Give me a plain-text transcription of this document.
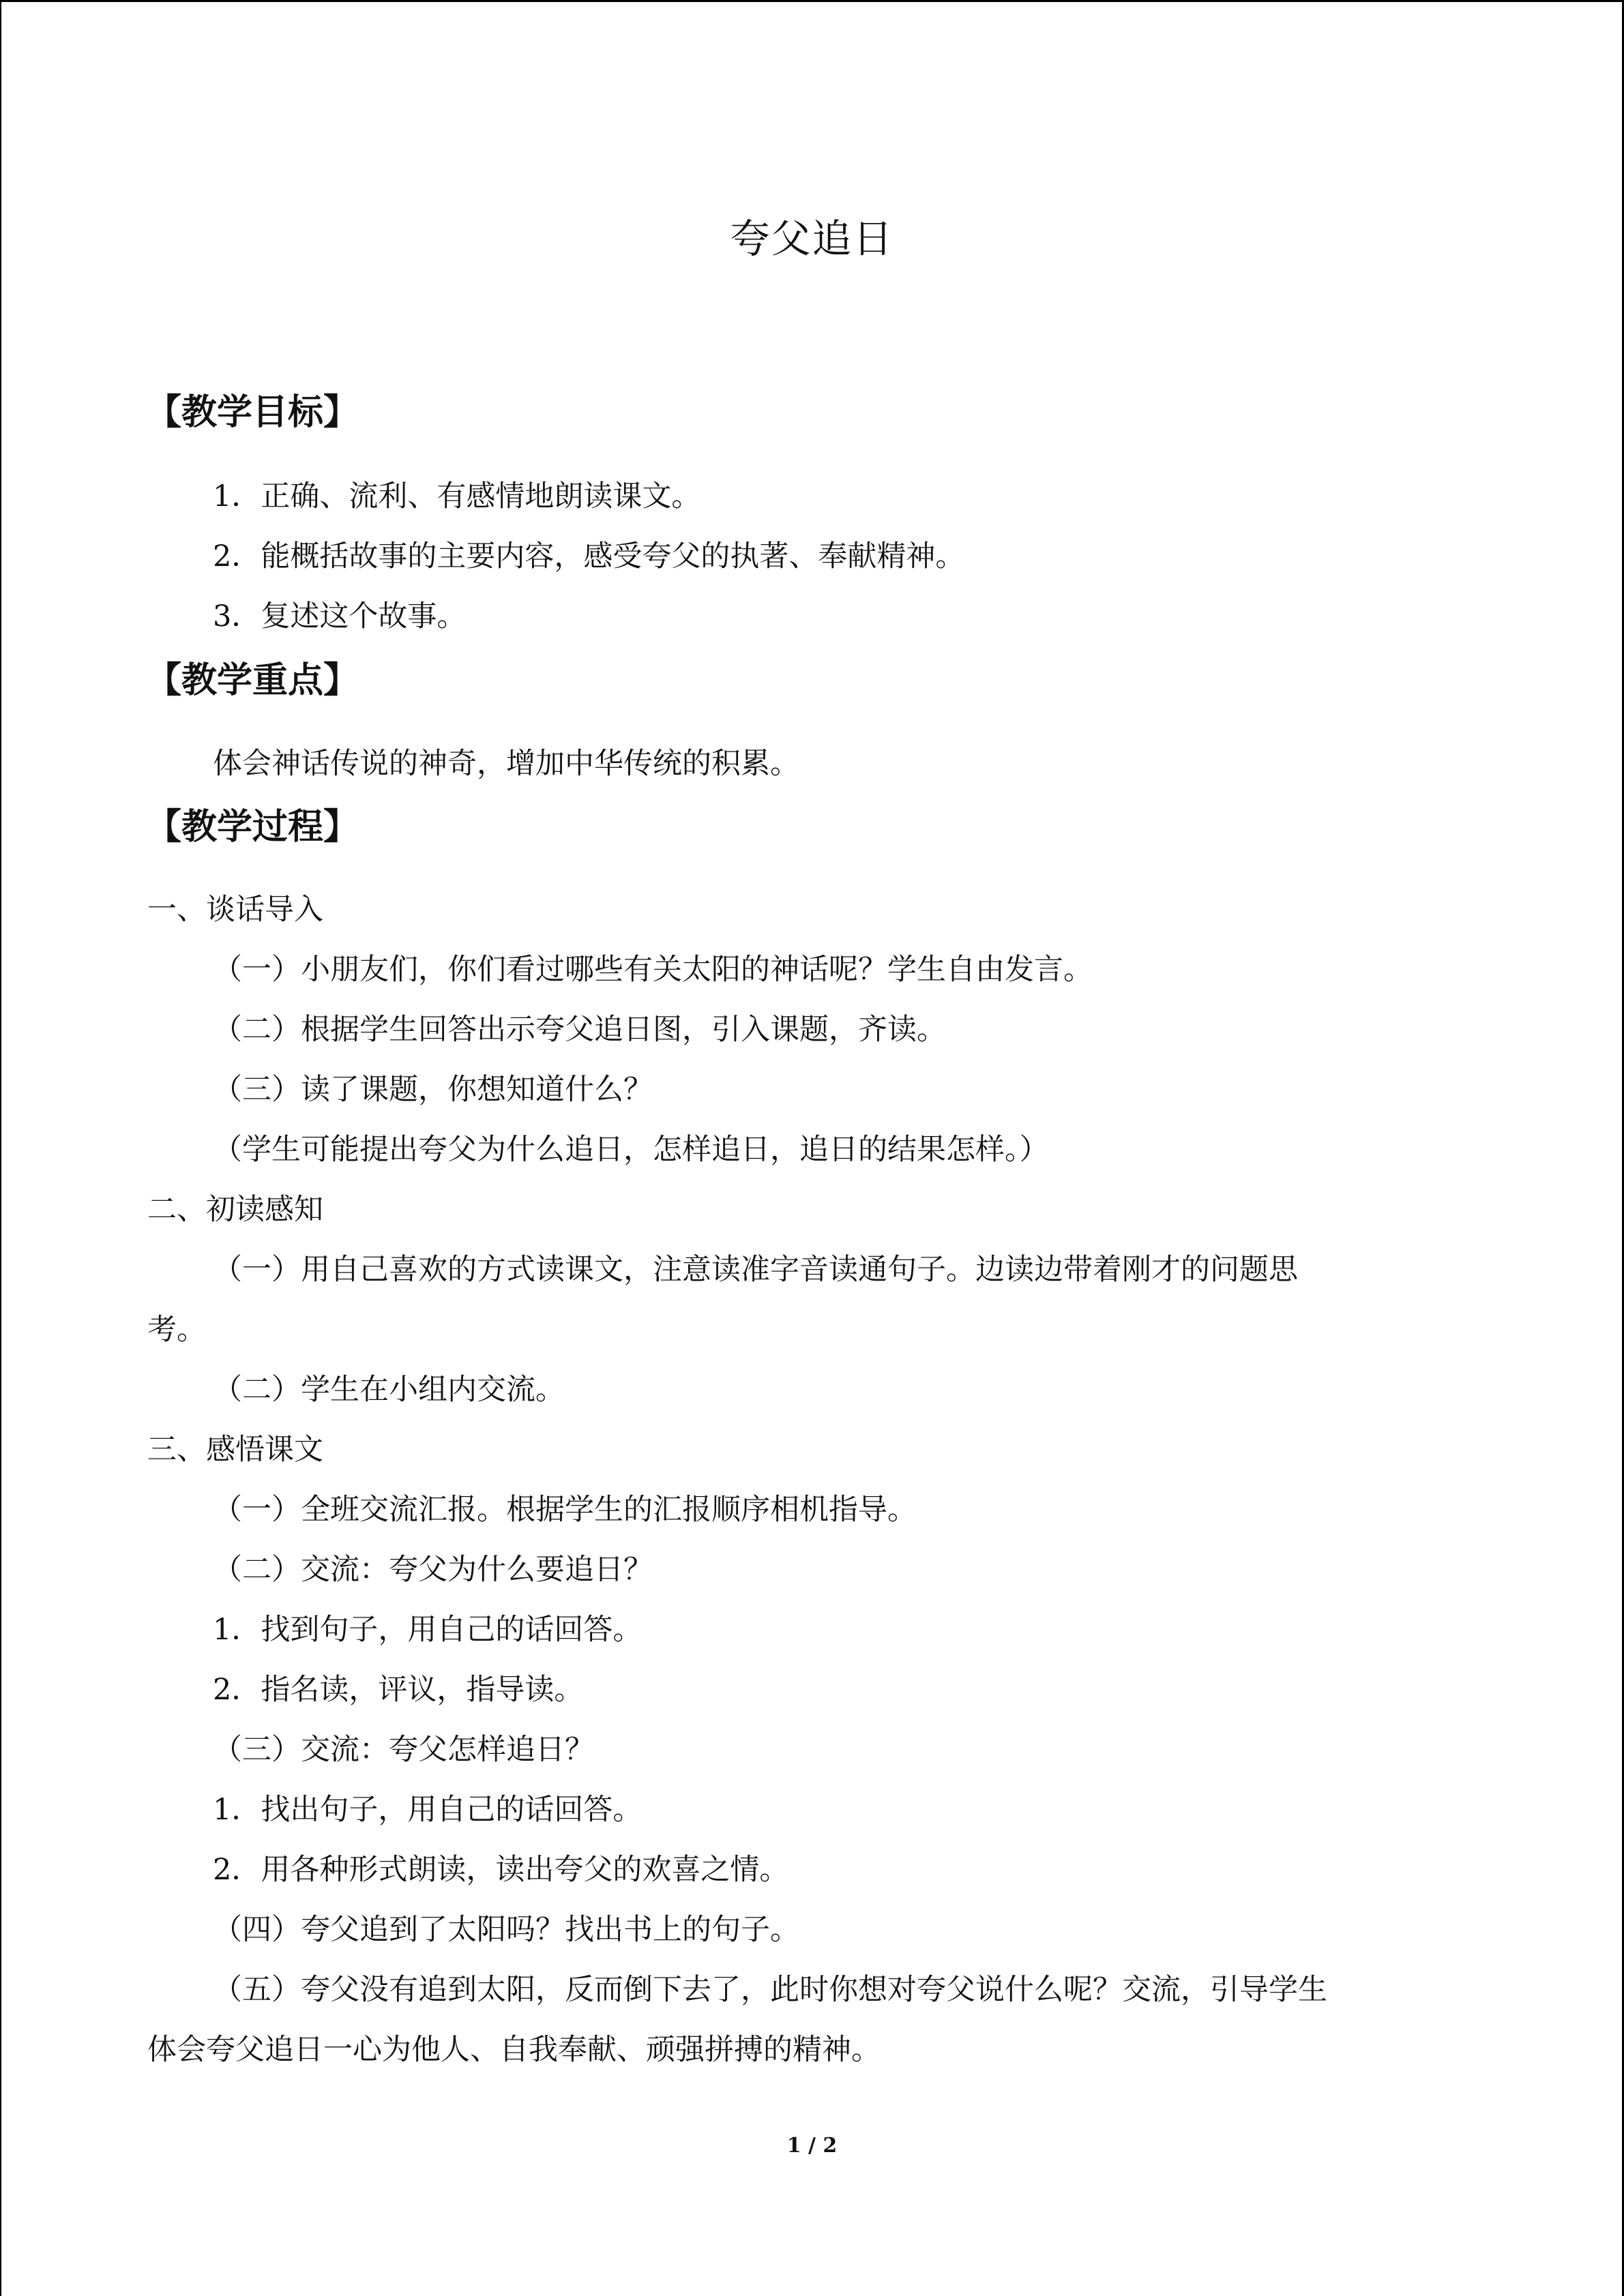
夸父追日
【教学目标】
1．正确、流利、有感情地朗读课文。
2．能概括故事的主要内容，感受夸父的执著、奉献精神。
3．复述这个故事。
【教学重点】
体会神话传说的神奇，增加中华传统的积累。
【教学过程】
一、谈话导入
（一）小朋友们，你们看过哪些有关太阳的神话呢？学生自由发言。
（二）根据学生回答出示夸父追日图，引入课题，齐读。
（三）读了课题，你想知道什么？
（学生可能提出夸父为什么追日，怎样追日，追日的结果怎样。）
二、初读感知
（一）用自己喜欢的方式读课文，注意读准字音读通句子。边读边带着刚才的问题思
考。
（二）学生在小组内交流。
三、感悟课文
（一）全班交流汇报。根据学生的汇报顺序相机指导。
（二）交流：夸父为什么要追日？
1．找到句子，用自己的话回答。
2．指名读，评议，指导读。
（三）交流：夸父怎样追日？
1．找出句子，用自己的话回答。
2．用各种形式朗读，读出夸父的欢喜之情。
（四）夸父追到了太阳吗？找出书上的句子。
（五）夸父没有追到太阳，反而倒下去了，此时你想对夸父说什么呢？交流，引导学生
体会夸父追日一心为他人、自我奉献、顽强拼搏的精神。
1 / 2
